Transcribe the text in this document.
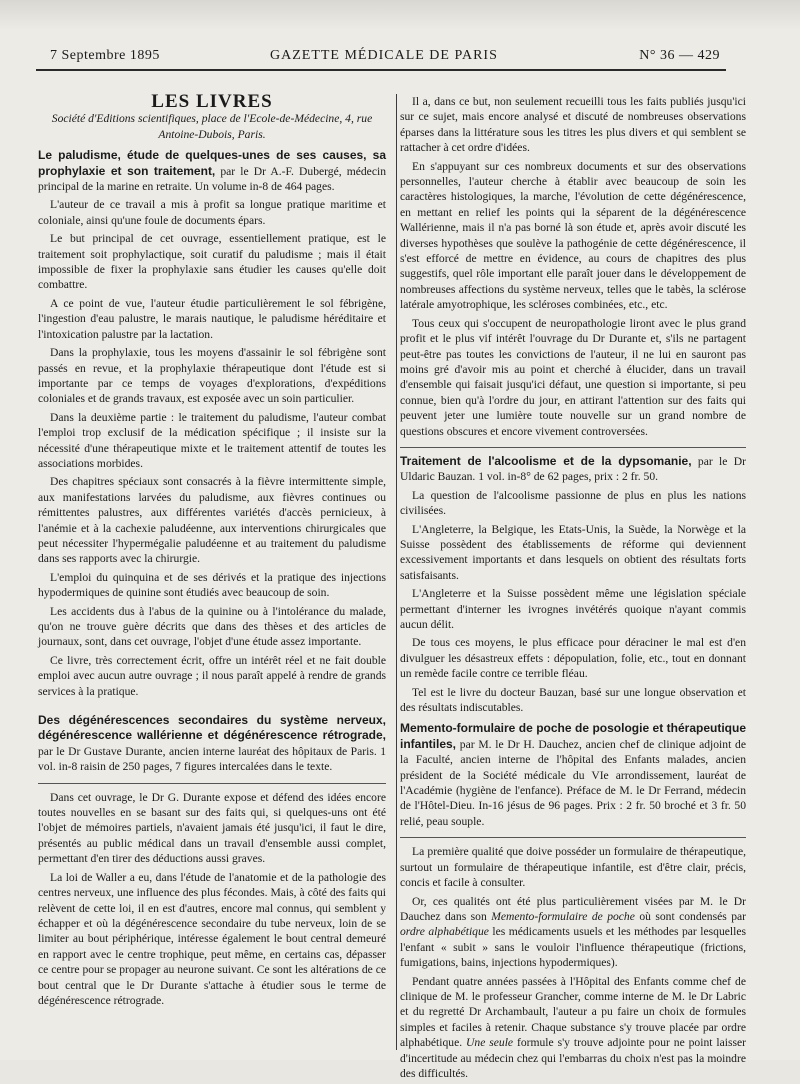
7 Septembre 1895	GAZETTE MÉDICALE DE PARIS	N° 36 — 429
LES LIVRES

Société d'Editions scientifiques, place de l'Ecole-de-Médecine, 4, rue Antoine-Dubois, Paris.

Le paludisme, étude de quelques-unes de ses causes, sa prophylaxie et son traitement, par le Dr A.-F. Dubergé, médecin principal de la marine en retraite. Un volume in-8 de 464 pages.

L'auteur de ce travail a mis à profit sa longue pratique maritime et coloniale, ainsi qu'une foule de documents épars.

Le but principal de cet ouvrage, essentiellement pratique, est le traitement soit prophylactique, soit curatif du paludisme ; mais il était impossible de fixer la prophylaxie sans étudier les causes qu'elle doit combattre.

A ce point de vue, l'auteur étudie particulièrement le sol fébrigène, l'ingestion d'eau palustre, le marais nautique, le paludisme héréditaire et l'intoxication palustre par la lactation.

Dans la prophylaxie, tous les moyens d'assainir le sol fébrigène sont passés en revue, et la prophylaxie thérapeutique dont l'étude est si importante par ce temps de voyages d'explorations, d'expéditions coloniales et de grands travaux, est exposée avec un soin particulier.

Dans la deuxième partie : le traitement du paludisme, l'auteur combat l'emploi trop exclusif de la médication spécifique ; il insiste sur la nécessité d'une thérapeutique mixte et le traitement attentif de toutes les associations morbides.

Des chapitres spéciaux sont consacrés à la fièvre intermittente simple, aux manifestations larvées du paludisme, aux fièvres continues ou rémittentes palustres, aux différentes variétés d'accès pernicieux, à l'anémie et à la cachexie paludéenne, aux interventions chirurgicales que peut nécessiter l'hypermégalie paludéenne et au traitement du paludisme dans ses rapports avec la chirurgie.

L'emploi du quinquina et de ses dérivés et la pratique des injections hypodermiques de quinine sont étudiés avec beaucoup de soin.

Les accidents dus à l'abus de la quinine ou à l'intolérance du malade, qu'on ne trouve guère décrits que dans des thèses et des articles de journaux, sont, dans cet ouvrage, l'objet d'une étude assez importante.

Ce livre, très correctement écrit, offre un intérêt réel et ne fait double emploi avec aucun autre ouvrage ; il nous paraît appelé à rendre de grands services à la pratique.

Des dégénérescences secondaires du système nerveux, dégénérescence wallérienne et dégénérescence rétrograde, par le Dr Gustave Durante, ancien interne lauréat des hôpitaux de Paris. 1 vol. in-8 raisin de 250 pages, 7 figures intercalées dans le texte.

Dans cet ouvrage, le Dr G. Durante expose et défend des idées encore toutes nouvelles en se basant sur des faits qui, si quelques-uns ont été l'objet de mémoires partiels, n'avaient jamais été jusqu'ici, il faut le dire, présentés au public médical dans un travail d'ensemble aussi complet, permettant d'en tirer des déductions aussi graves.

La loi de Waller a eu, dans l'étude de l'anatomie et de la pathologie des centres nerveux, une influence des plus fécondes. Mais, à côté des faits qui relèvent de cette loi, il en est d'autres, encore mal connus, qui semblent y échapper et où la dégénérescence secondaire du tube nerveux, loin de se limiter au bout périphérique, intéresse également le bout central demeuré en rapport avec le centre trophique, peut même, en certains cas, dépasser ce centre pour se propager au neurone suivant. Ce sont les altérations de ce bout central que le Dr Durante s'attache à étudier sous le terme de dégénérescence rétrograde.

Il a, dans ce but, non seulement recueilli tous les faits publiés jusqu'ici sur ce sujet, mais encore analysé et discuté de nombreuses observations éparses dans la littérature sous les titres les plus divers et qui semblent se rattacher à cet ordre d'idées.

En s'appuyant sur ces nombreux documents et sur des observations personnelles, l'auteur cherche à établir avec beaucoup de soin les caractères histologiques, la marche, l'évolution de cette dégénérescence, en mettant en relief les points qui la séparent de la dégénérescence Wallérienne, mais il n'a pas borné là son étude et, après avoir discuté les diverses hypothèses que soulève la pathogénie de cette dégénérescence, il s'est efforcé de mettre en évidence, au cours de chapitres des plus suggestifs, quel rôle important elle paraît jouer dans le développement de nombreuses affections du système nerveux, telles que le tabès, la sclérose latérale amyotrophique, les scléroses combinées, etc., etc.

Tous ceux qui s'occupent de neuropathologie liront avec le plus grand profit et le plus vif intérêt l'ouvrage du Dr Durante et, s'ils ne partagent peut-être pas toutes les convictions de l'auteur, il ne lui en sauront pas moins gré d'avoir mis au point et cherché à élucider, dans un travail d'ensemble qui faisait jusqu'ici défaut, une question si importante, si peu connue, bien qu'à l'ordre du jour, en attirant l'attention sur des faits qui peuvent jeter une lumière toute nouvelle sur un grand nombre de questions obscures et encore vivement controversées.

Traitement de l'alcoolisme et de la dypsomanie, par le Dr Uldaric Bauzan. 1 vol. in-8° de 62 pages, prix : 2 fr. 50.

La question de l'alcoolisme passionne de plus en plus les nations civilisées.

L'Angleterre, la Belgique, les Etats-Unis, la Suède, la Norwège et la Suisse possèdent des établissements de réforme qui deviennent excessivement importants et dans lesquels on obtient des résultats forts satisfaisants.

L'Angleterre et la Suisse possèdent même une législation spéciale permettant d'interner les ivrognes invétérés quoique n'ayant commis aucun délit.

De tous ces moyens, le plus efficace pour déraciner le mal est d'en divulguer les désastreux effets : dépopulation, folie, etc., tout en donnant un remède facile contre ce terrible fléau.

Tel est le livre du docteur Bauzan, basé sur une longue observation et des résultats indiscutables.

Memento-formulaire de poche de posologie et thérapeutique infantiles, par M. le Dr H. Dauchez, ancien chef de clinique adjoint de la Faculté, ancien interne de l'hôpital des Enfants malades, ancien président de la Société médicale du VIe arrondissement, lauréat de l'Académie (hygiène de l'enfance). Préface de M. le Dr Ferrand, médecin de l'Hôtel-Dieu. In-16 jésus de 96 pages. Prix : 2 fr. 50 broché et 3 fr. 50 relié, peau souple.

La première qualité que doive posséder un formulaire de thérapeutique, surtout un formulaire de thérapeutique infantile, est d'être clair, précis, concis et facile à consulter.

Or, ces qualités ont été plus particulièrement visées par M. le Dr Dauchez dans son Memento-formulaire de poche où sont condensés par ordre alphabétique les médicaments usuels et les méthodes par lesquelles l'enfant « subit » sans le vouloir l'influence thérapeutique (frictions, fumigations, bains, injections hypodermiques).

Pendant quatre années passées à l'Hôpital des Enfants comme chef de clinique de M. le professeur Grancher, comme interne de M. le Dr Labric et du regretté Dr Archambault, l'auteur a pu faire un choix de formules simples et faciles à retenir. Chaque substance s'y trouve placée par ordre alphabétique. Une seule formule s'y trouve adjointe pour ne point laisser d'incertitude au médecin chez qui l'embarras du choix n'est pas la moindre des difficultés.
